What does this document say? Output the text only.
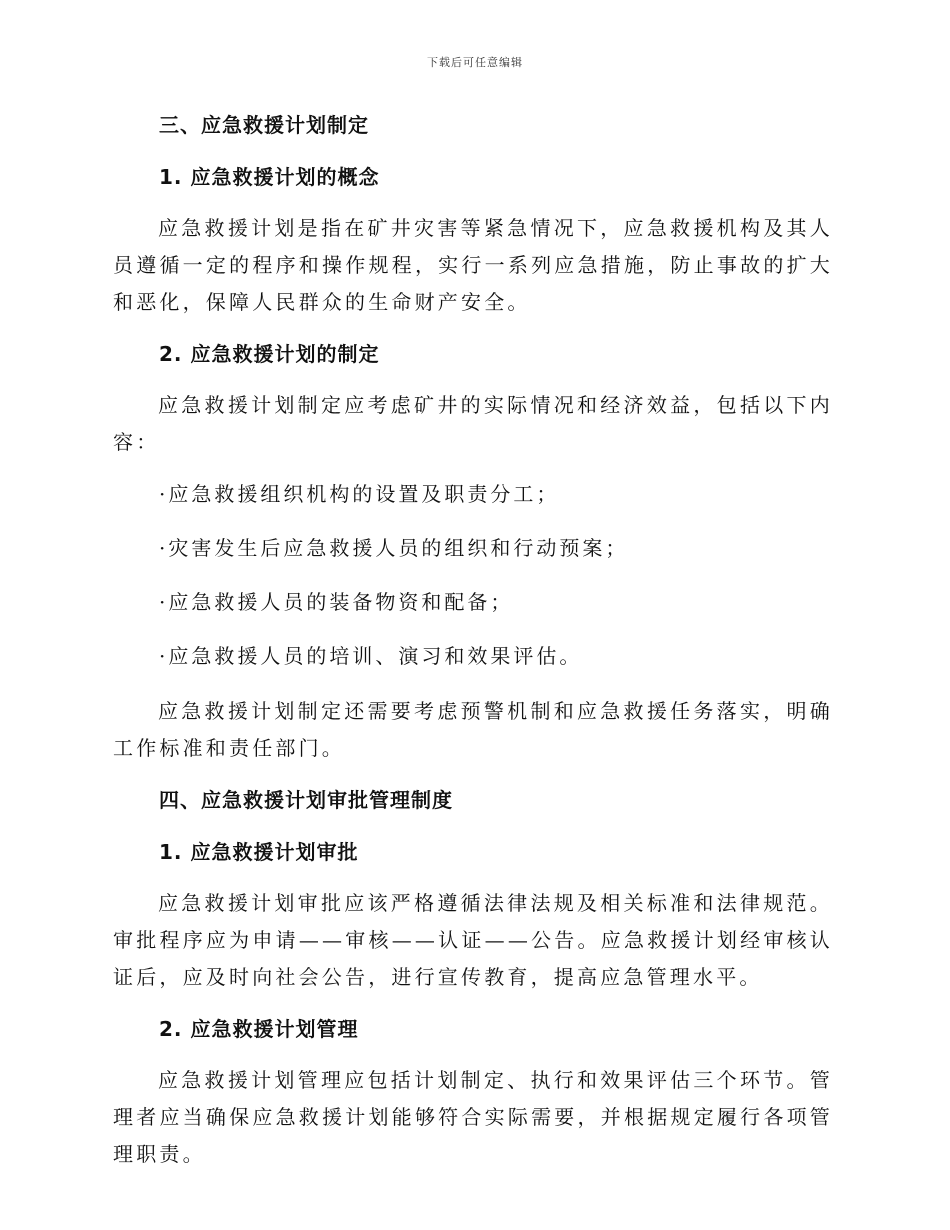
下载后可任意编辑
三、应急救援计划制定
1. 应急救援计划的概念

应急救援计划是指在矿井灾害等紧急情况下，应急救援机构及其人员遵循一定的程序和操作规程，实行一系列应急措施，防止事故的扩大和恶化，保障人民群众的生命财产安全。

2. 应急救援计划的制定

应急救援计划制定应考虑矿井的实际情况和经济效益，包括以下内容：

·应急救援组织机构的设置及职责分工；
·灾害发生后应急救援人员的组织和行动预案；
·应急救援人员的装备物资和配备；
·应急救援人员的培训、演习和效果评估。

应急救援计划制定还需要考虑预警机制和应急救援任务落实，明确工作标准和责任部门。

四、应急救援计划审批管理制度
1. 应急救援计划审批

应急救援计划审批应该严格遵循法律法规及相关标准和法律规范。审批程序应为申请——审核——认证——公告。应急救援计划经审核认证后，应及时向社会公告，进行宣传教育，提高应急管理水平。

2. 应急救援计划管理

应急救援计划管理应包括计划制定、执行和效果评估三个环节。管理者应当确保应急救援计划能够符合实际需要，并根据规定履行各项管理职责。
